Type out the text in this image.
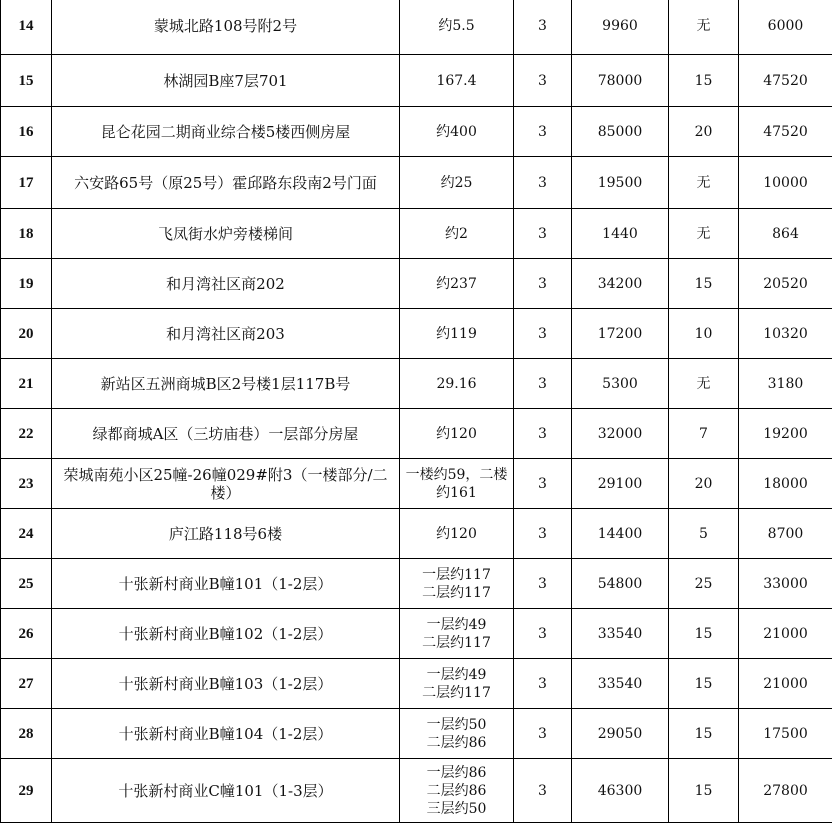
14	蒙城北路108号附2号	约5.5	3	9960	无	6000
15	林湖园B座7层701	167.4	3	78000	15	47520
16	昆仑花园二期商业综合楼5楼西侧房屋	约400	3	85000	20	47520
17	六安路65号（原25号）霍邱路东段南2号门面	约25	3	19500	无	10000
18	飞凤街水炉旁楼梯间	约2	3	1440	无	864
19	和月湾社区商202	约237	3	34200	15	20520
20	和月湾社区商203	约119	3	17200	10	10320
21	新站区五洲商城B区2号楼1层117B号	29.16	3	5300	无	3180
22	绿都商城A区（三坊庙巷）一层部分房屋	约120	3	32000	7	19200
23	荣城南苑小区25幢-26幢029#附3（一楼部分/二楼）	一楼约59，二楼约161	3	29100	20	18000
24	庐江路118号6楼	约120	3	14400	5	8700
25	十张新村商业B幢101（1-2层）	一层约117
二层约117	3	54800	25	33000
26	十张新村商业B幢102（1-2层）	一层约49
二层约117	3	33540	15	21000
27	十张新村商业B幢103（1-2层）	一层约49
二层约117	3	33540	15	21000
28	十张新村商业B幢104（1-2层）	一层约50
二层约86	3	29050	15	17500
29	十张新村商业C幢101（1-3层）	一层约86
二层约86
三层约50	3	46300	15	27800
